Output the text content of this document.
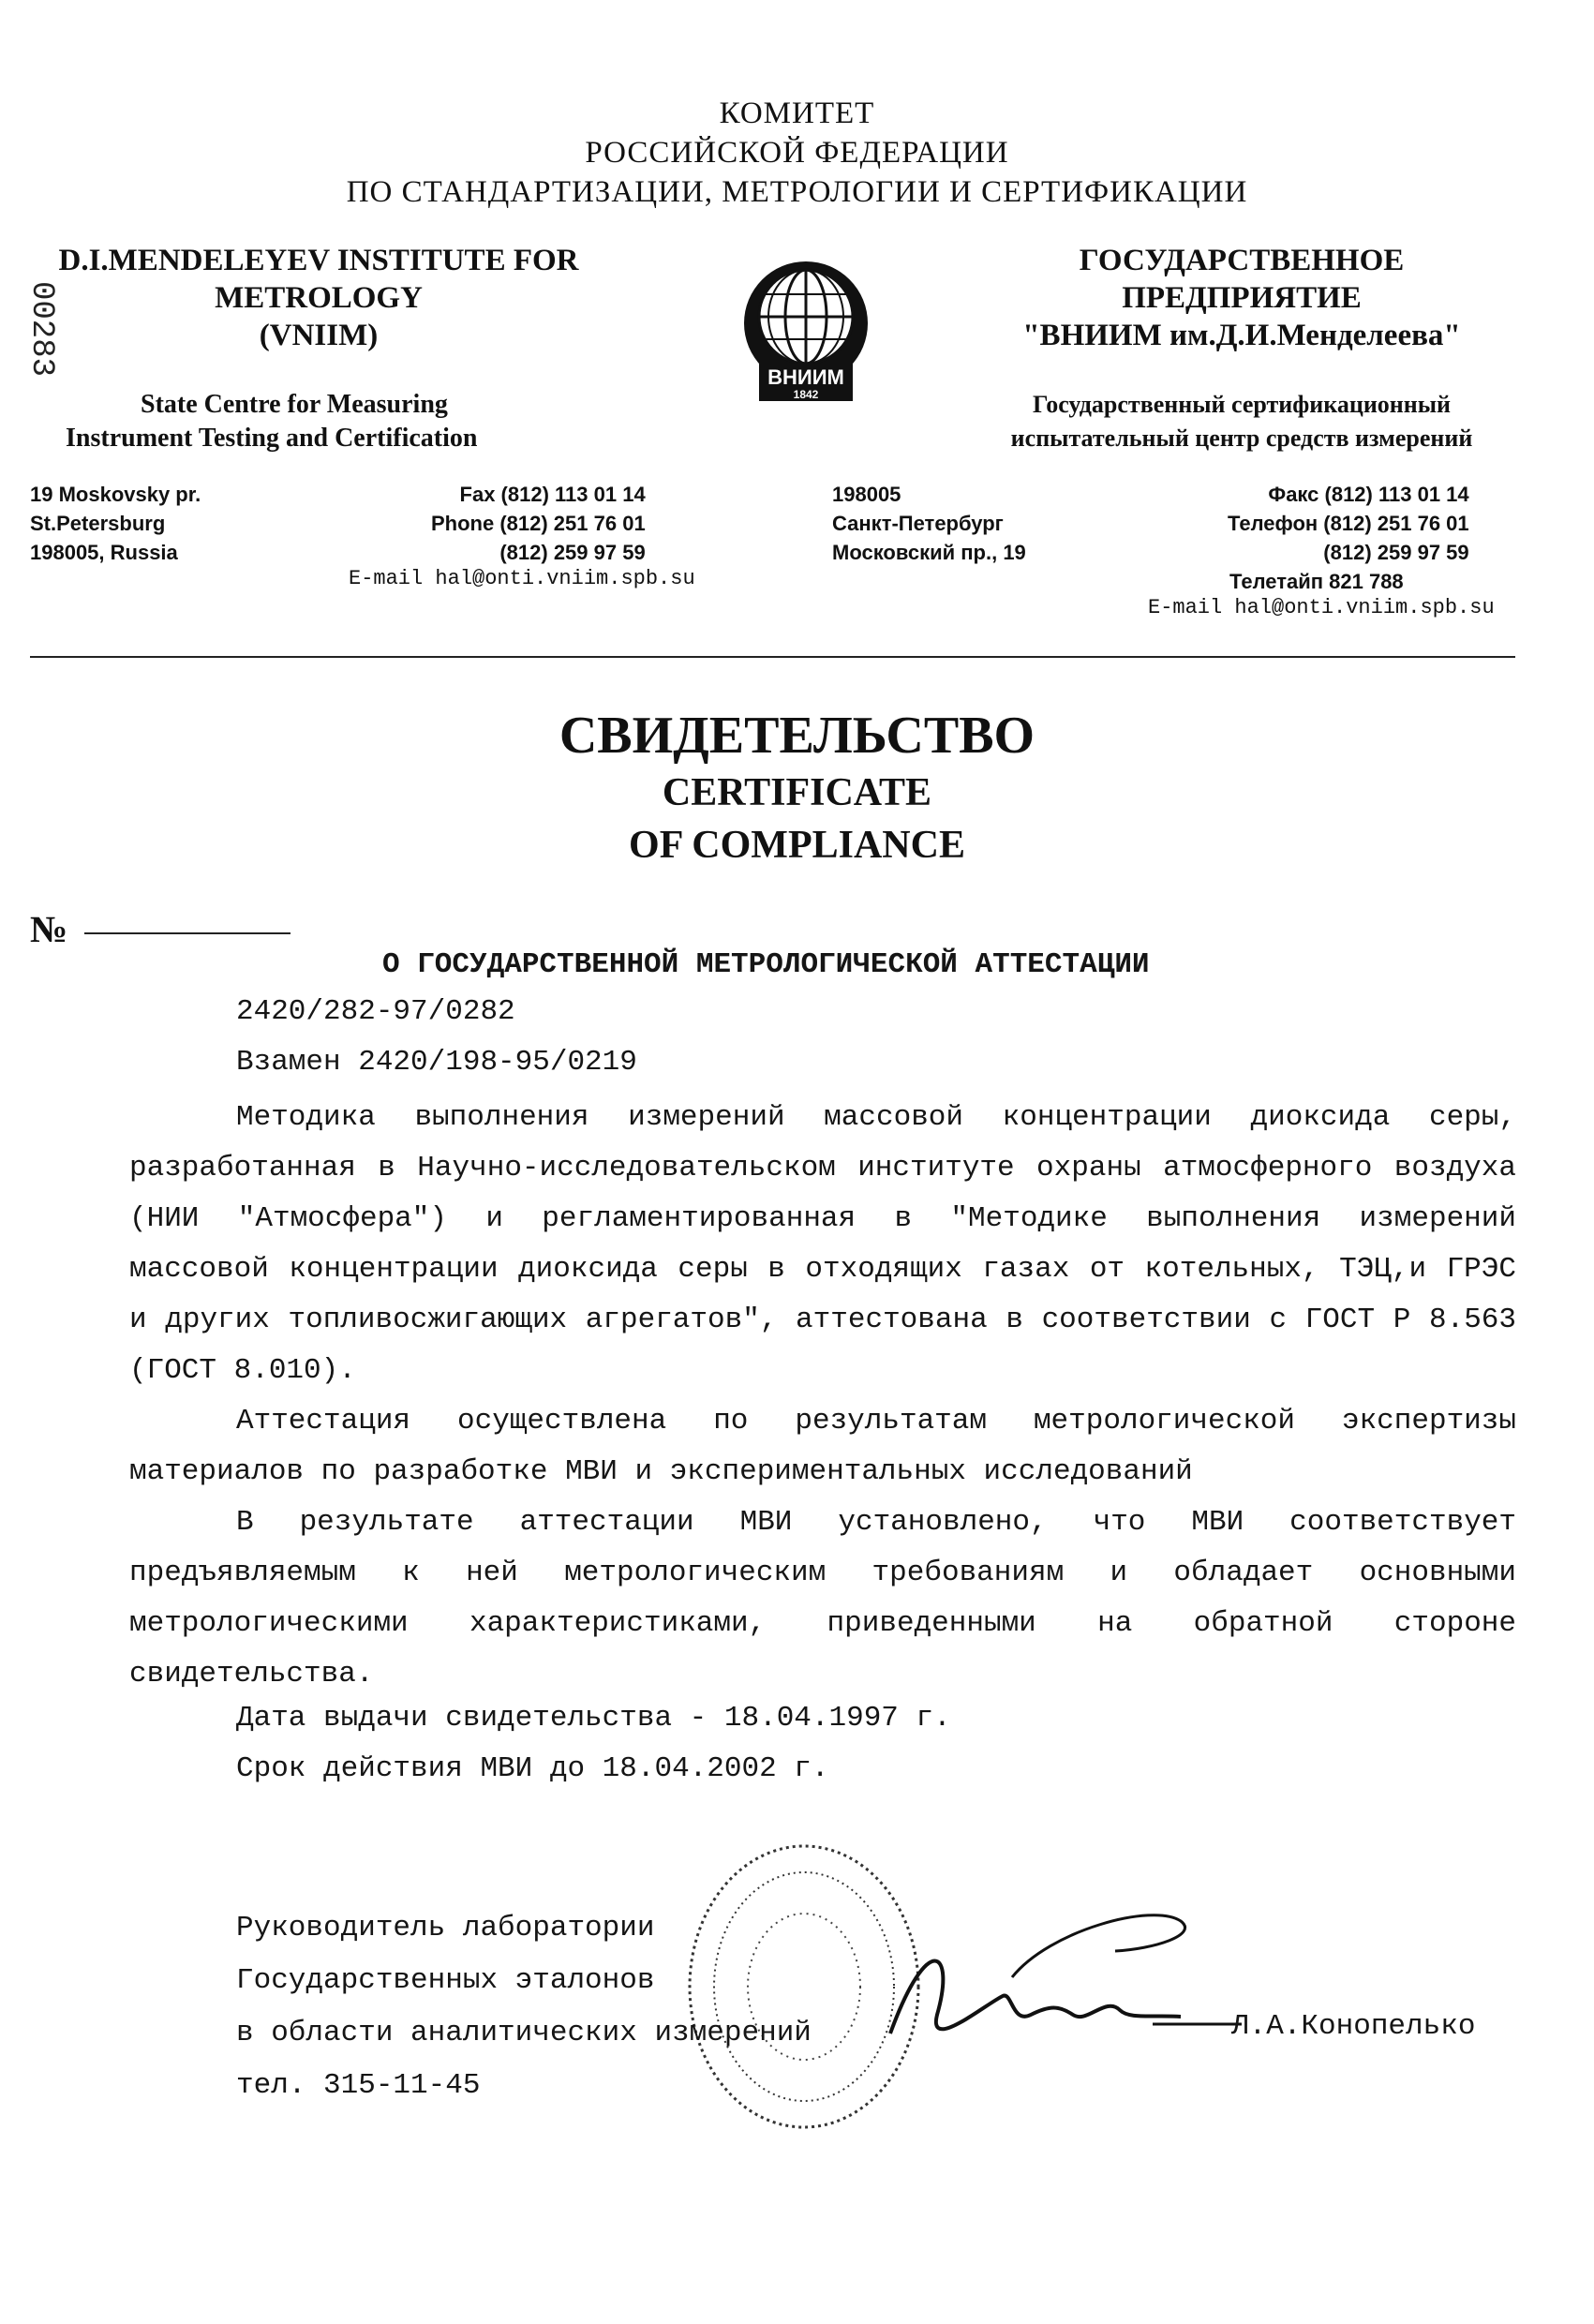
КОМИТЕТ
РОССИЙСКОЙ ФЕДЕРАЦИИ
ПО СТАНДАРТИЗАЦИИ, МЕТРОЛОГИИ И СЕРТИФИКАЦИИ
00283
D.I.MENDELEYEV INSTITUTE FOR
METROLOGY
(VNIIM)
State Centre for Measuring
Instrument Testing and Certification
ВНИИМ
1842
ГОСУДАРСТВЕННОЕ
ПРЕДПРИЯТИЕ
"ВНИИМ им.Д.И.Менделеева"
Государственный сертификационный
испытательный центр средств измерений
19 Moskovsky pr.
St.Petersburg
198005, Russia
Fax (812) 113 01 14
Phone (812) 251 76 01
(812) 259 97 59
E-mail hal@onti.vniim.spb.su
198005
Санкт-Петербург
Московский пр., 19
Факс (812) 113 01 14
Телефон (812) 251 76 01
(812) 259 97 59
Телетайп 821 788
E-mail hal@onti.vniim.spb.su
СВИДЕТЕЛЬСТВО
CERTIFICATE
OF COMPLIANCE
№
О ГОСУДАРСТВЕННОЙ МЕТРОЛОГИЧЕСКОЙ АТТЕСТАЦИИ
2420/282-97/0282
Взамен 2420/198-95/0219

Методика выполнения измерений массовой концентрации диоксида серы, разработанная в Научно-исследовательском институте охраны атмосферного воздуха (НИИ "Атмосфера") и регламентированная в "Методике выполнения измерений массовой концентрации диоксида серы в отходящих газах от котельных, ТЭЦ,и ГРЭС и других топливосжигающих агрегатов", аттестована в соответствии с ГОСТ Р 8.563 (ГОСТ 8.010).

Аттестация осуществлена по результатам метрологической экспертизы материалов по разработке МВИ и экспериментальных исследований

В результате аттестации МВИ установлено, что МВИ соответствует предъявляемым к ней метрологическим требованиям и обладает основными метрологическими характеристиками, приведенными на обратной стороне свидетельства.

Дата выдачи свидетельства - 18.04.1997 г.
Срок действия МВИ до 18.04.2002 г.
Руководитель лаборатории
Государственных эталонов
в области аналитических измерений
тел. 315-11-45
Л.А.Конопелько
